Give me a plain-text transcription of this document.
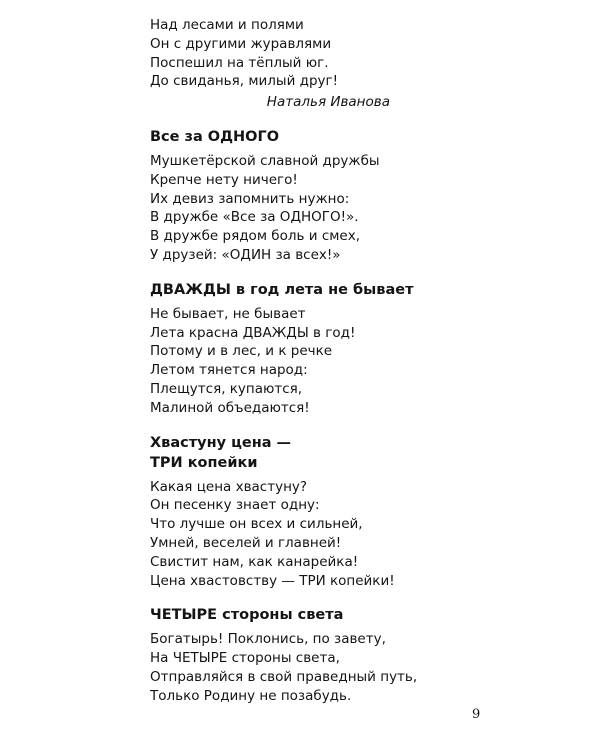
Над лесами и полями
Он с другими журавлями
Поспешил на тёплый юг.
До свиданья, милый друг!
Наталья Иванова
Все за ОДНОГО
Мушкетёрской славной дружбы
Крепче нету ничего!
Их девиз запомнить нужно:
В дружбе «Все за ОДНОГО!».
В дружбе рядом боль и смех,
У друзей: «ОДИН за всех!»
ДВАЖДЫ в год лета не бывает
Не бывает, не бывает
Лета красна ДВАЖДЫ в год!
Потому и в лес, и к речке
Летом тянется народ:
Плещутся, купаются,
Малиной объедаются!
Хвастуну цена —
ТРИ копейки
Какая цена хвастуну?
Он песенку знает одну:
Что лучше он всех и сильней,
Умней, веселей и главней!
Свистит нам, как канарейка!
Цена хвастовству — ТРИ копейки!
ЧЕТЫРЕ стороны света
Богатырь! Поклонись, по завету,
На ЧЕТЫРЕ стороны света,
Отправляйся в свой праведный путь,
Только Родину не позабудь.
9
